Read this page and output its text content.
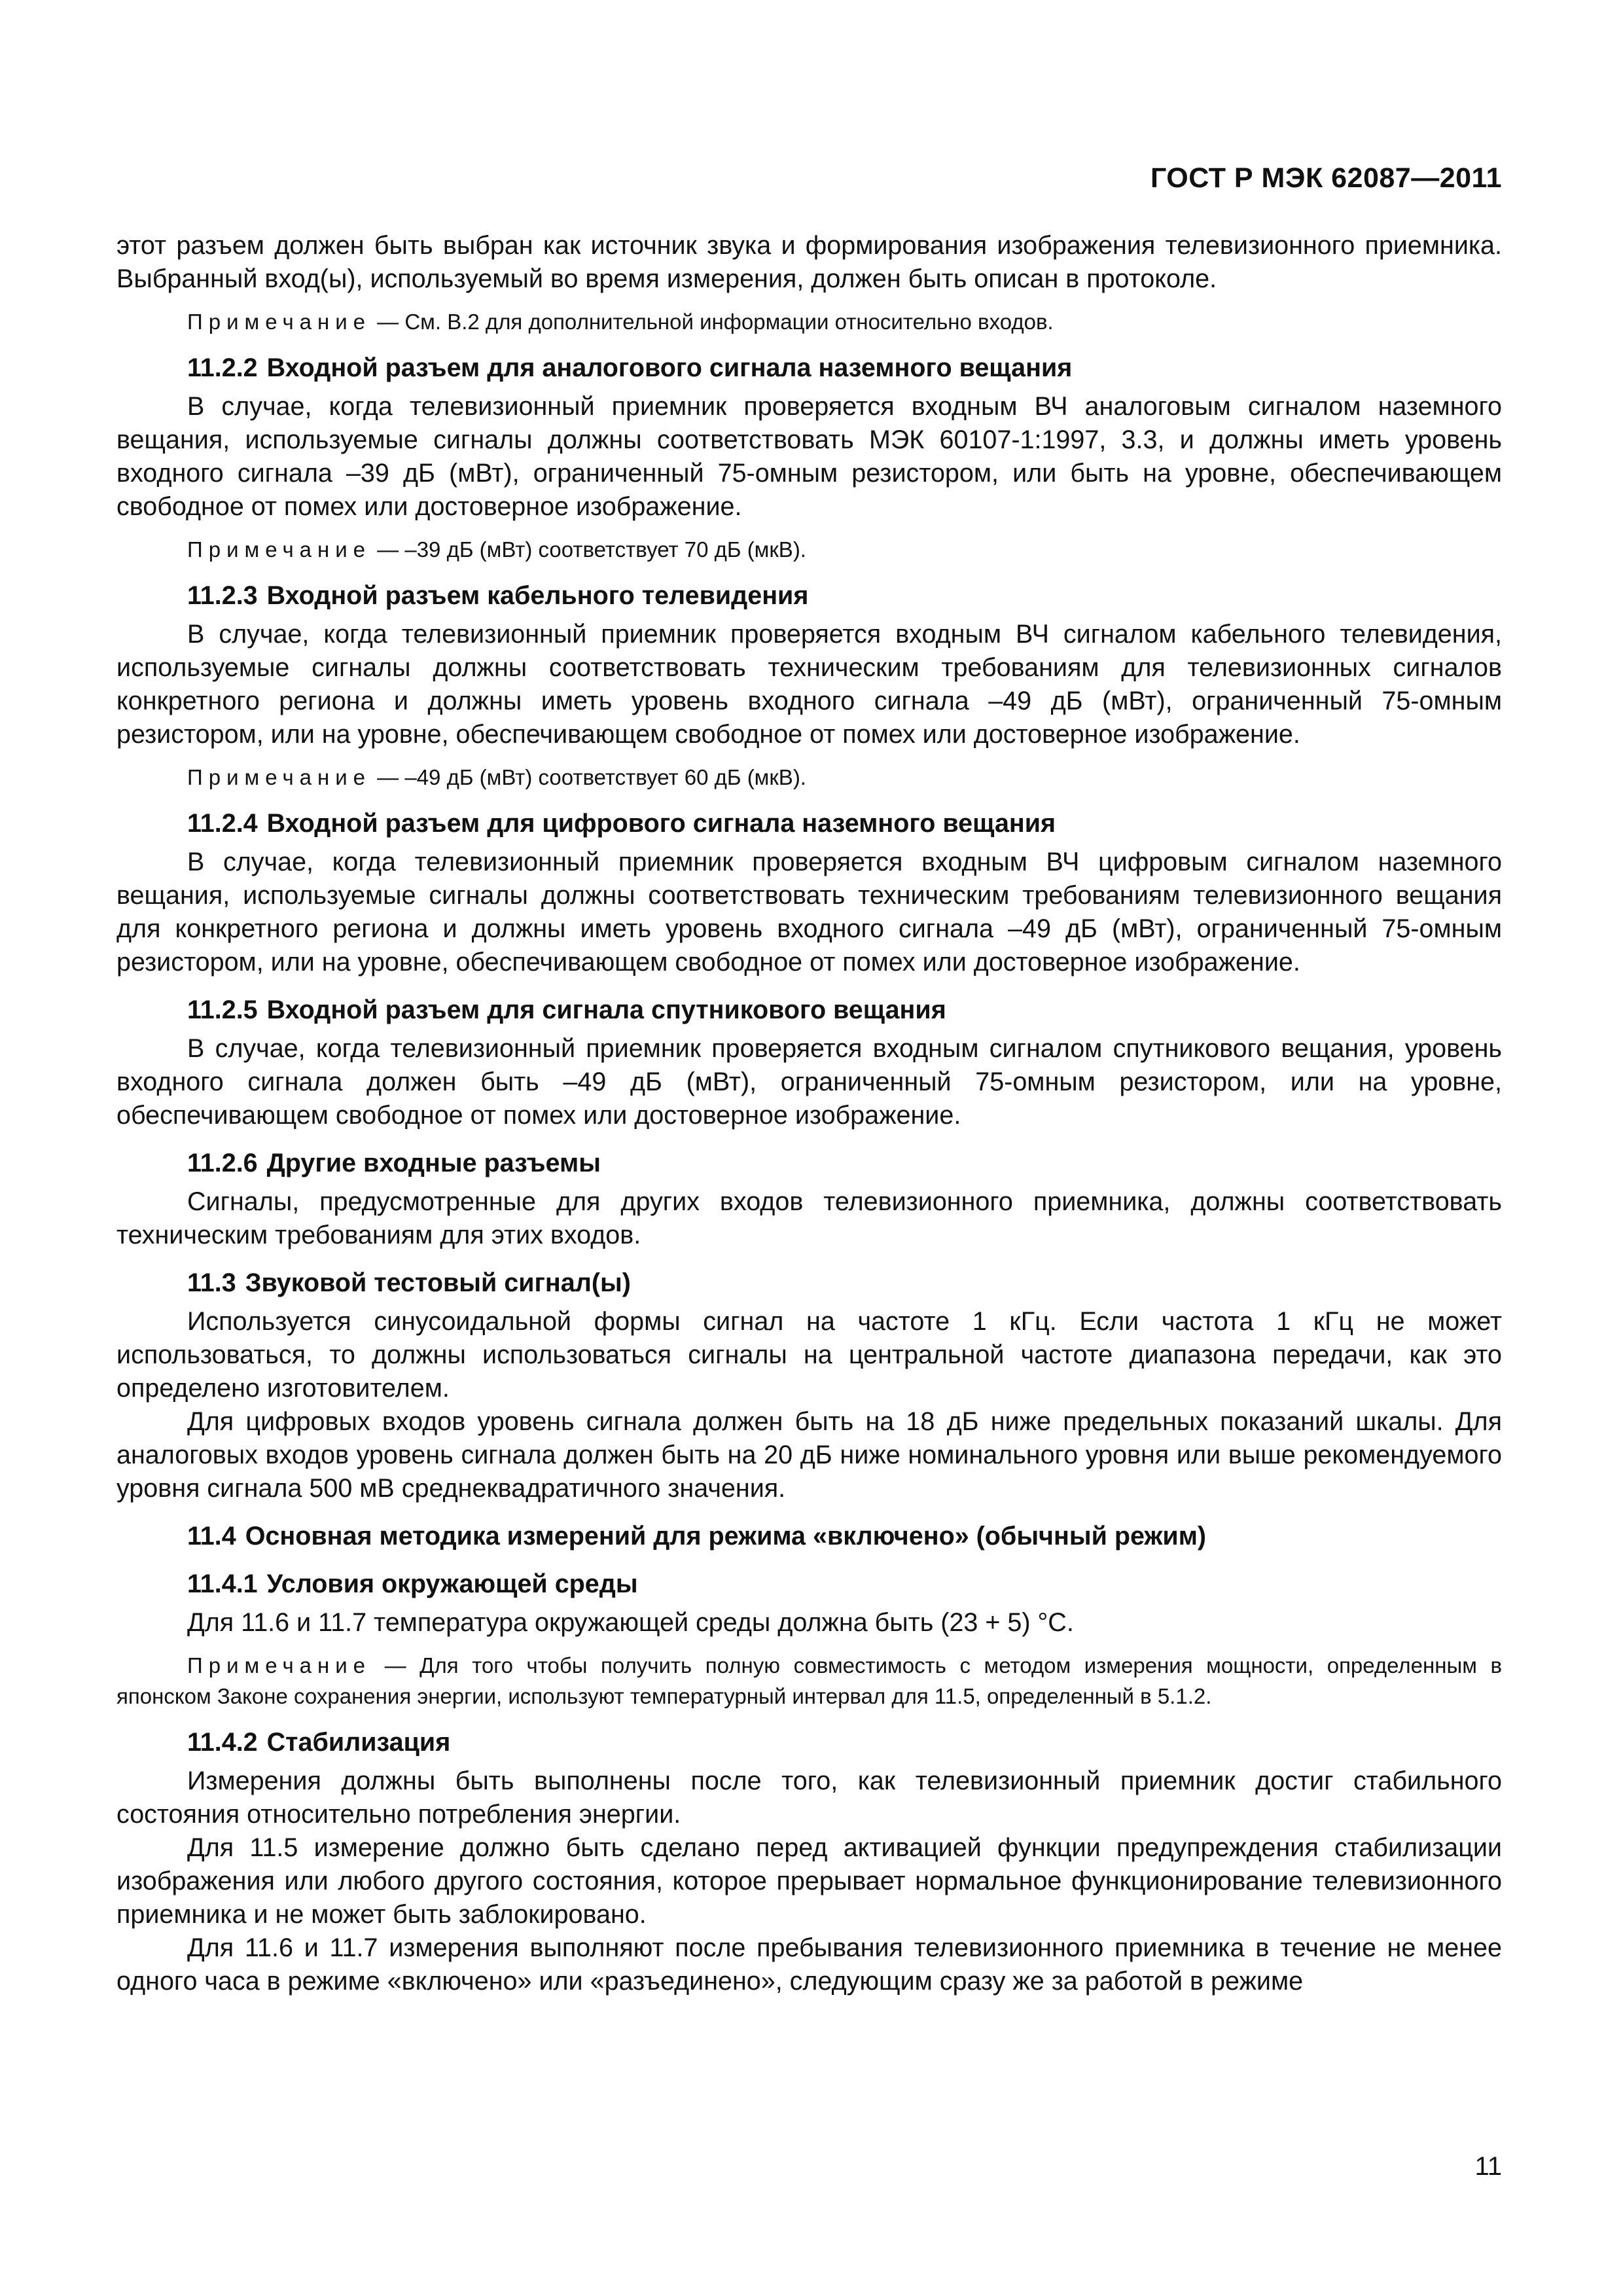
ГОСТ Р МЭК 62087—2011

этот разъем должен быть выбран как источник звука и формирования изображения телевизионного приемника. Выбранный вход(ы), используемый во время измерения, должен быть описан в протоколе.

Примечание — См. В.2 для дополнительной информации относительно входов.

11.2.2 Входной разъем для аналогового сигнала наземного вещания

В случае, когда телевизионный приемник проверяется входным ВЧ аналоговым сигналом наземного вещания, используемые сигналы должны соответствовать МЭК 60107-1:1997, 3.3, и должны иметь уровень входного сигнала –39 дБ (мВт), ограниченный 75-омным резистором, или быть на уровне, обеспечивающем свободное от помех или достоверное изображение.

Примечание — –39 дБ (мВт) соответствует 70 дБ (мкВ).

11.2.3 Входной разъем кабельного телевидения

В случае, когда телевизионный приемник проверяется входным ВЧ сигналом кабельного телевидения, используемые сигналы должны соответствовать техническим требованиям для телевизионных сигналов конкретного региона и должны иметь уровень входного сигнала –49 дБ (мВт), ограниченный 75-омным резистором, или на уровне, обеспечивающем свободное от помех или достоверное изображение.

Примечание — –49 дБ (мВт) соответствует 60 дБ (мкВ).

11.2.4 Входной разъем для цифрового сигнала наземного вещания

В случае, когда телевизионный приемник проверяется входным ВЧ цифровым сигналом наземного вещания, используемые сигналы должны соответствовать техническим требованиям телевизионного вещания для конкретного региона и должны иметь уровень входного сигнала –49 дБ (мВт), ограниченный 75-омным резистором, или на уровне, обеспечивающем свободное от помех или достоверное изображение.

11.2.5 Входной разъем для сигнала спутникового вещания

В случае, когда телевизионный приемник проверяется входным сигналом спутникового вещания, уровень входного сигнала должен быть –49 дБ (мВт), ограниченный 75-омным резистором, или на уровне, обеспечивающем свободное от помех или достоверное изображение.

11.2.6 Другие входные разъемы

Сигналы, предусмотренные для других входов телевизионного приемника, должны соответствовать техническим требованиям для этих входов.

11.3 Звуковой тестовый сигнал(ы)

Используется синусоидальной формы сигнал на частоте 1 кГц. Если частота 1 кГц не может использоваться, то должны использоваться сигналы на центральной частоте диапазона передачи, как это определено изготовителем.

Для цифровых входов уровень сигнала должен быть на 18 дБ ниже предельных показаний шкалы. Для аналоговых входов уровень сигнала должен быть на 20 дБ ниже номинального уровня или выше рекомендуемого уровня сигнала 500 мВ среднеквадратичного значения.

11.4 Основная методика измерений для режима «включено» (обычный режим)
11.4.1 Условия окружающей среды

Для 11.6 и 11.7 температура окружающей среды должна быть (23 + 5) °С.

Примечание — Для того чтобы получить полную совместимость с методом измерения мощности, определенным в японском Законе сохранения энергии, используют температурный интервал для 11.5, определенный в 5.1.2.

11.4.2 Стабилизация

Измерения должны быть выполнены после того, как телевизионный приемник достиг стабильного состояния относительно потребления энергии.

Для 11.5 измерение должно быть сделано перед активацией функции предупреждения стабилизации изображения или любого другого состояния, которое прерывает нормальное функционирование телевизионного приемника и не может быть заблокировано.

Для 11.6 и 11.7 измерения выполняют после пребывания телевизионного приемника в течение не менее одного часа в режиме «включено» или «разъединено», следующим сразу же за работой в режиме

11
